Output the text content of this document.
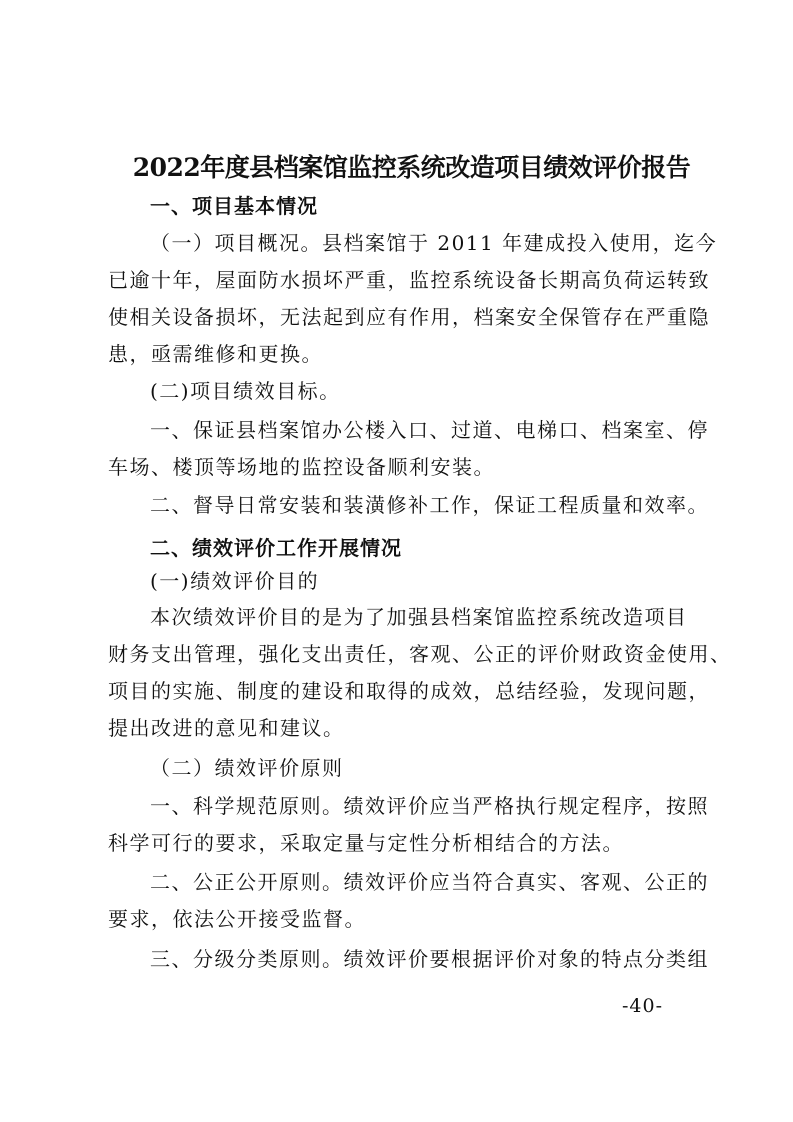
2022年度县档案馆监控系统改造项目绩效评价报告
一、项目基本情况
（一）项目概况。县档案馆于 2011 年建成投入使用，迄今
已逾十年，屋面防水损坏严重，监控系统设备长期高负荷运转致
使相关设备损坏，无法起到应有作用，档案安全保管存在严重隐
患，亟需维修和更换。
(二)项目绩效目标。
一、保证县档案馆办公楼入口、过道、电梯口、档案室、停
车场、楼顶等场地的监控设备顺利安装。
二、督导日常安装和装潢修补工作，保证工程质量和效率。
二、绩效评价工作开展情况
(一)绩效评价目的
本次绩效评价目的是为了加强县档案馆监控系统改造项目
财务支出管理，强化支出责任，客观、公正的评价财政资金使用、
项目的实施、制度的建设和取得的成效，总结经验，发现问题，
提出改进的意见和建议。
（二）绩效评价原则
一、科学规范原则。绩效评价应当严格执行规定程序，按照
科学可行的要求，采取定量与定性分析相结合的方法。
二、公正公开原则。绩效评价应当符合真实、客观、公正的
要求，依法公开接受监督。
三、分级分类原则。绩效评价要根据评价对象的特点分类组
-40-
